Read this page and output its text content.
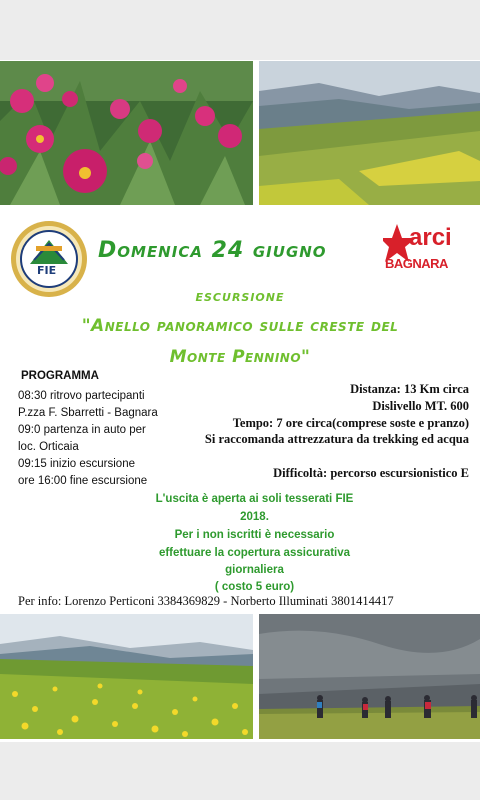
FIE
Domenica 24 giugno	arci
BAGNARA
escursione
"Anello panoramico sulle creste del
Monte Pennino"
PROGRAMMA
08:30 ritrovo partecipanti
P.zza F. Sbarretti - Bagnara
09:0 partenza in auto per
loc. Orticaia
09:15 inizio escursione
ore 16:00 fine escursione
Distanza: 13 Km circa
Dislivello MT. 600
Tempo: 7 ore circa(comprese soste e pranzo)
Si raccomanda attrezzatura da trekking ed acqua
Difficoltà: percorso escursionistico E
L'uscita è aperta ai soli tesserati FIE
2018.
Per i non iscritti è necessario
effettuare la copertura assicurativa
giornaliera
( costo 5 euro)
Per info: Lorenzo Perticoni 3384369829 - Norberto Illuminati 3801414417
